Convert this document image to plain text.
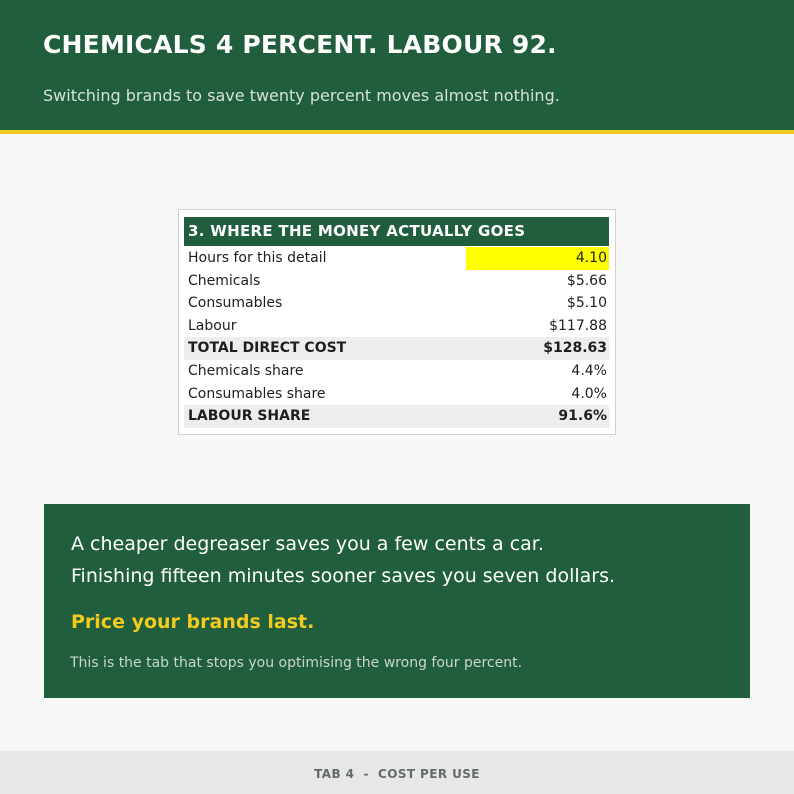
CHEMICALS 4 PERCENT. LABOUR 92.

Switching brands to save twenty percent moves almost nothing.

3. WHERE THE MONEY ACTUALLY GOES
Hours for this detail	4.10
Chemicals	$5.66
Consumables	$5.10
Labour	$117.88
TOTAL DIRECT COST	$128.63
Chemicals share	4.4%
Consumables share	4.0%
LABOUR SHARE	91.6%

A cheaper degreaser saves you a few cents a car.

Finishing fifteen minutes sooner saves you seven dollars.

Price your brands last.

This is the tab that stops you optimising the wrong four percent.

TAB 4  -  COST PER USE
